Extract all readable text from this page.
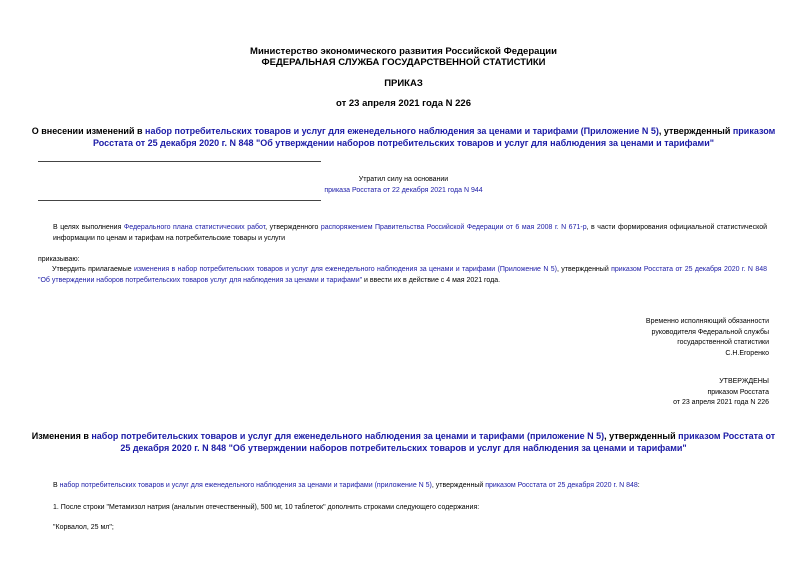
Министерство экономического развития Российской Федерации
ФЕДЕРАЛЬНАЯ СЛУЖБА ГОСУДАРСТВЕННОЙ СТАТИСТИКИ
ПРИКАЗ
от 23 апреля 2021 года N 226
О внесении изменений в набор потребительских товаров и услуг для еженедельного наблюдения за ценами и тарифами (Приложение N 5), утвержденный приказом Росстата от 25 декабря 2020 г. N 848 "Об утверждении наборов потребительских товаров и услуг для наблюдения за ценами и тарифами"
Утратил силу на основании
приказа Росстата от 22 декабря 2021 года N 944
В целях выполнения Федерального плана статистических работ, утвержденного распоряжением Правительства Российской Федерации от 6 мая 2008 г. N 671-р, в части формирования официальной статистической информации по ценам и тарифам на потребительские товары и услуги
приказываю:
Утвердить прилагаемые изменения в набор потребительских товаров и услуг для еженедельного наблюдения за ценами и тарифами (Приложение N 5), утвержденный приказом Росстата от 25 декабря 2020 г. N 848 "Об утверждении наборов потребительских товаров услуг для наблюдения за ценами и тарифами" и ввести их в действие с 4 мая 2021 года.
Временно исполняющий обязанности
руководителя Федеральной службы
государственной статистики
С.Н.Егоренко
УТВЕРЖДЕНЫ
приказом Росстата
от 23 апреля 2021 года N 226
Изменения в набор потребительских товаров и услуг для еженедельного наблюдения за ценами и тарифами (приложение N 5), утвержденный приказом Росстата от 25 декабря 2020 г. N 848 "Об утверждении наборов потребительских товаров и услуг для наблюдения за ценами и тарифами"
В набор потребительских товаров и услуг для еженедельного наблюдения за ценами и тарифами (приложение N 5), утвержденный приказом Росстата от 25 декабря 2020 г. N 848:
1. После строки "Метамизол натрия (анальгин отечественный), 500 мг, 10 таблеток" дополнить строками следующего содержания:
"Корвалол, 25 мл";
